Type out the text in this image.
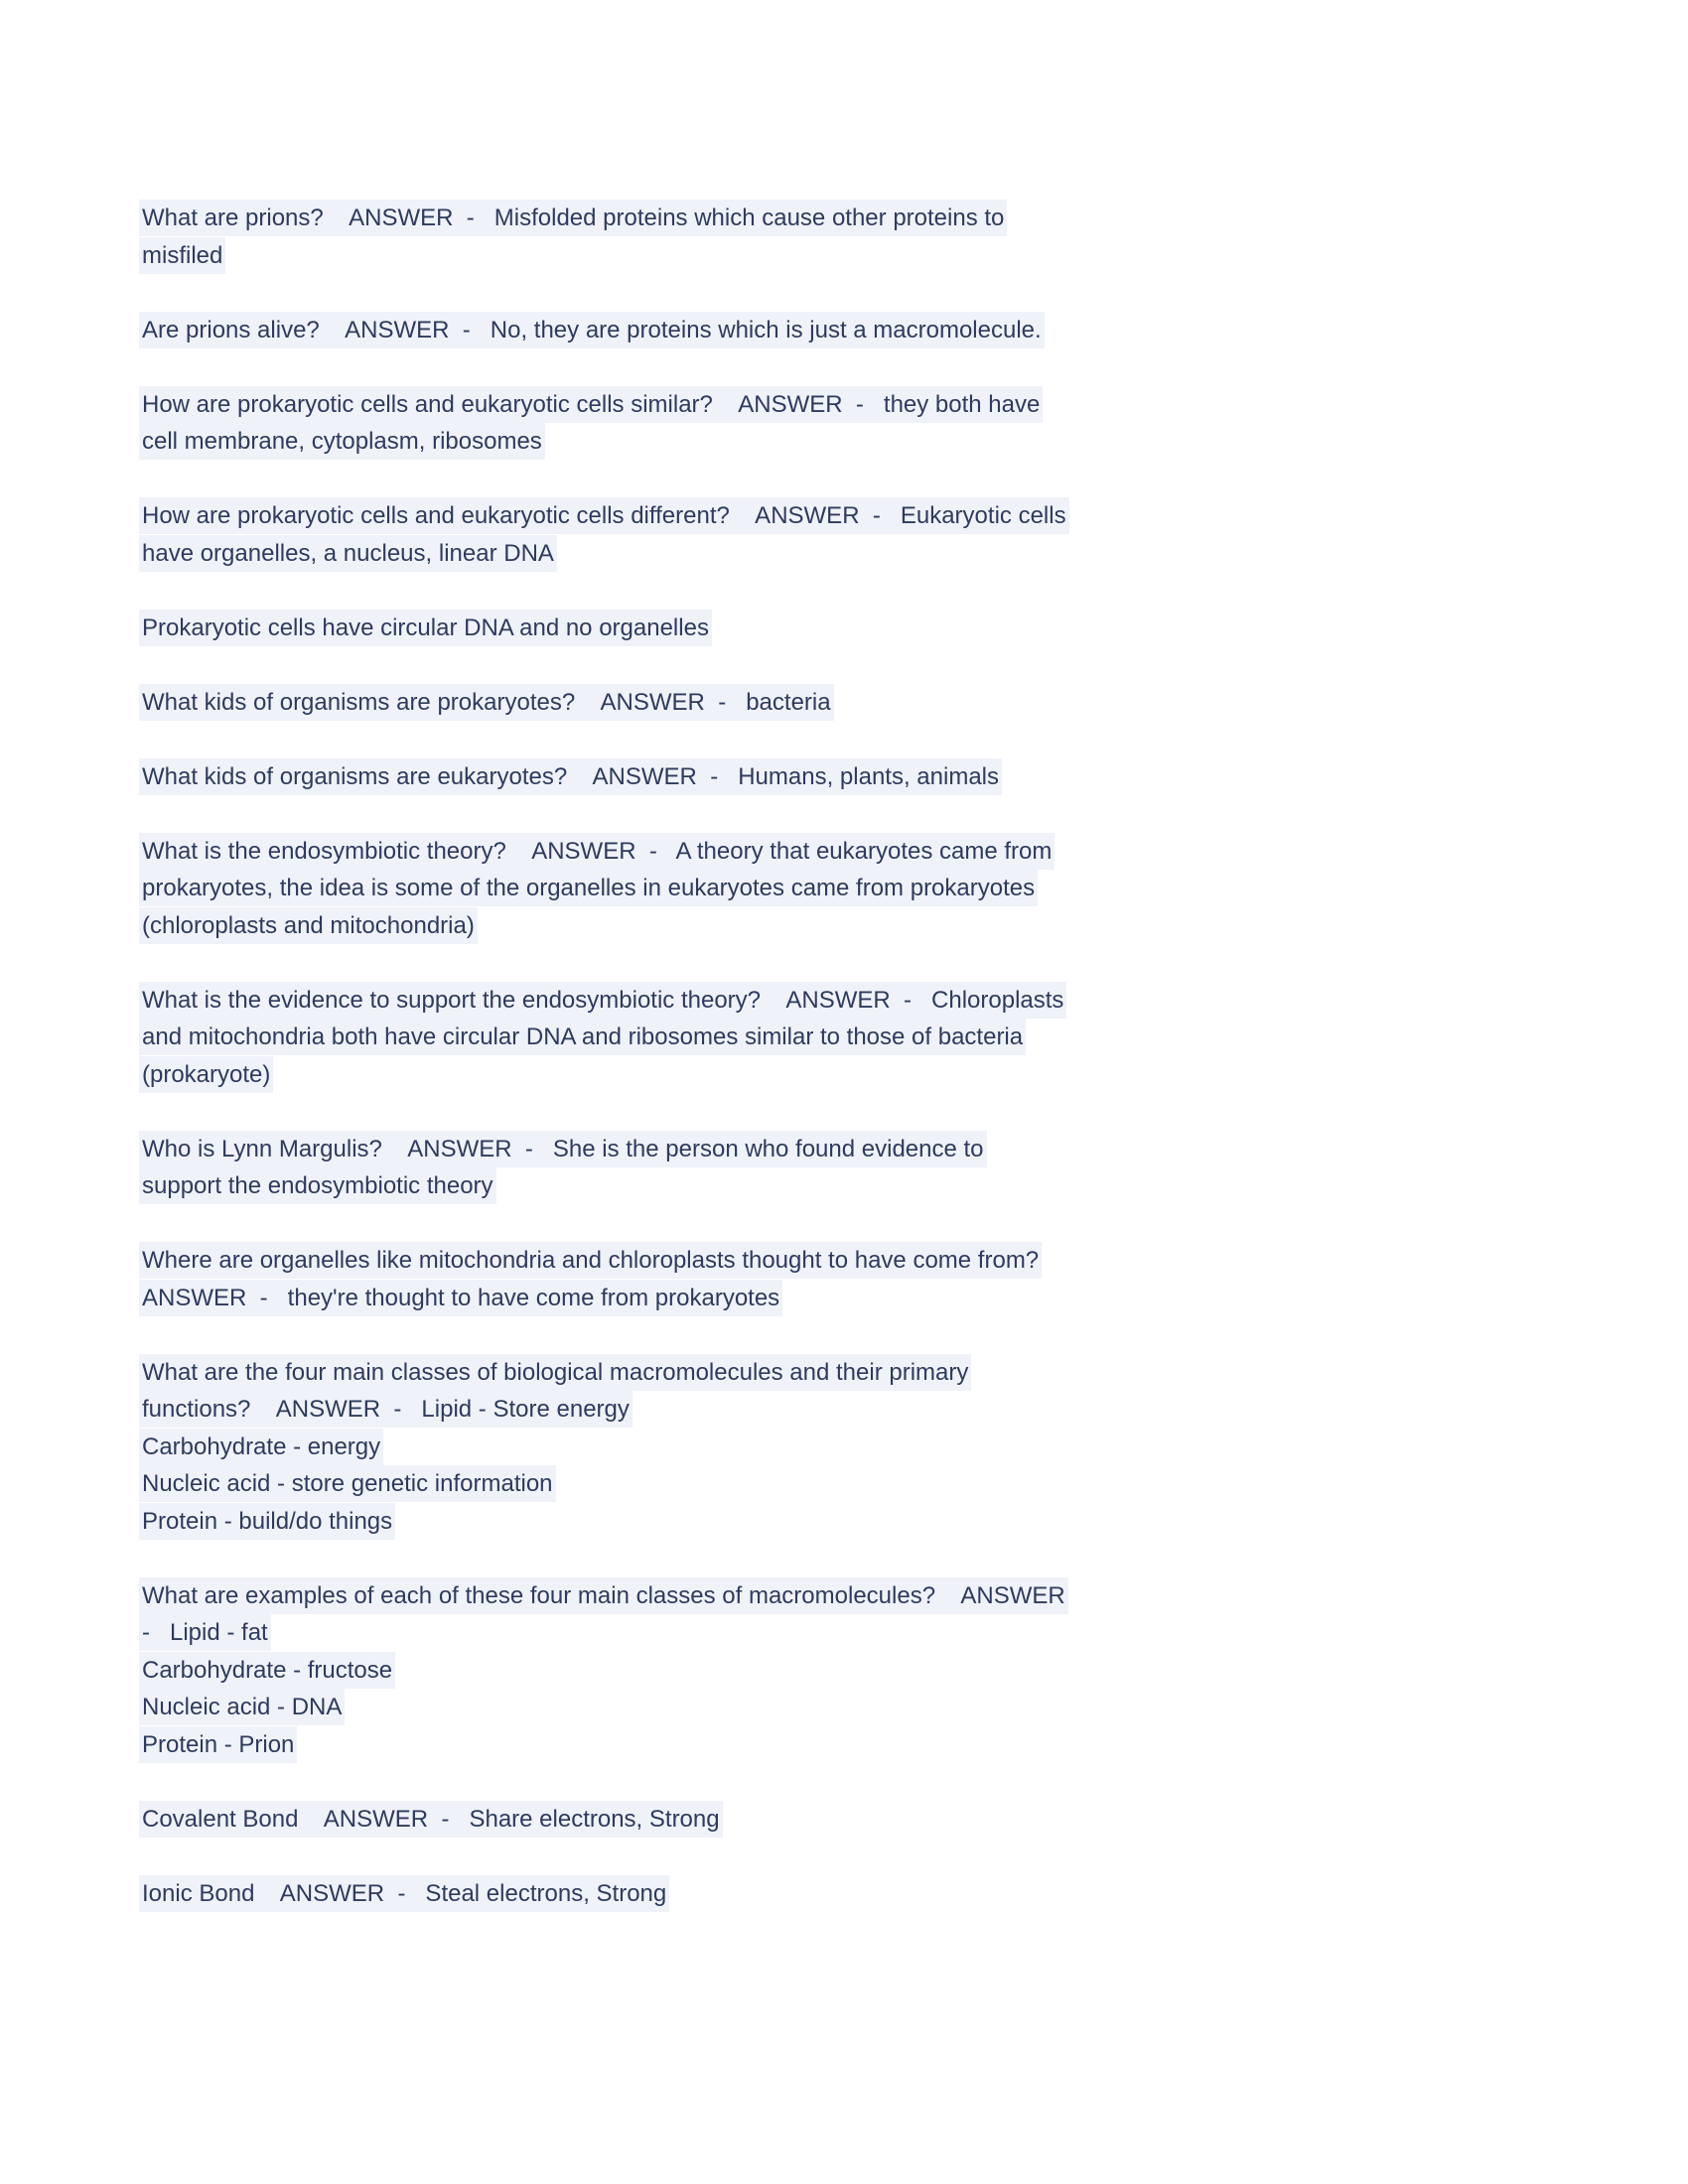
What are prions?    ANSWER  -   Misfolded proteins which cause other proteins to
misfiled

Are prions alive?    ANSWER  -   No, they are proteins which is just a macromolecule.

How are prokaryotic cells and eukaryotic cells similar?    ANSWER  -   they both have
cell membrane, cytoplasm, ribosomes

How are prokaryotic cells and eukaryotic cells different?    ANSWER  -   Eukaryotic cells
have organelles, a nucleus, linear DNA

Prokaryotic cells have circular DNA and no organelles

What kids of organisms are prokaryotes?    ANSWER  -   bacteria

What kids of organisms are eukaryotes?    ANSWER  -   Humans, plants, animals

What is the endosymbiotic theory?    ANSWER  -   A theory that eukaryotes came from
prokaryotes, the idea is some of the organelles in eukaryotes came from prokaryotes
(chloroplasts and mitochondria)

What is the evidence to support the endosymbiotic theory?    ANSWER  -   Chloroplasts
and mitochondria both have circular DNA and ribosomes similar to those of bacteria
(prokaryote)

Who is Lynn Margulis?    ANSWER  -   She is the person who found evidence to
support the endosymbiotic theory

Where are organelles like mitochondria and chloroplasts thought to have come from?
ANSWER  -   they're thought to have come from prokaryotes

What are the four main classes of biological macromolecules and their primary
functions?    ANSWER  -   Lipid - Store energy
Carbohydrate - energy
Nucleic acid - store genetic information
Protein - build/do things

What are examples of each of these four main classes of macromolecules?    ANSWER
-   Lipid - fat
Carbohydrate - fructose
Nucleic acid - DNA
Protein - Prion

Covalent Bond    ANSWER  -   Share electrons, Strong

Ionic Bond    ANSWER  -   Steal electrons, Strong
